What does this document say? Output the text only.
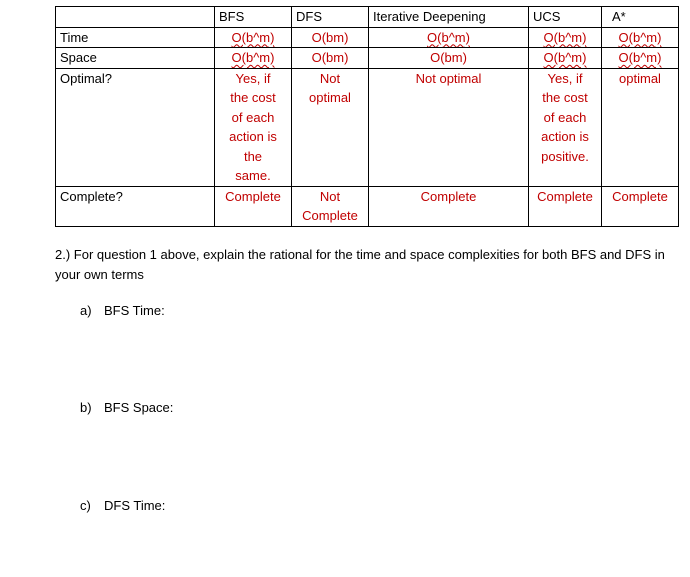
	BFS	DFS	Iterative Deepening	UCS	A*
Time	O(b^m)	O(bm)	O(b^m)	O(b^m)	O(b^m)
Space	O(b^m)	O(bm)	O(bm)	O(b^m)	O(b^m)
Optimal?	Yes, if the cost of each action is the same.	Not optimal	Not optimal	Yes, if the cost of each action is positive.	optimal
Complete?	Complete	Not Complete	Complete	Complete	Complete
2.) For question 1 above, explain the rational for the time and space complexities for both BFS and DFS in your own terms
a) BFS Time:
b) BFS Space:
c) DFS Time:
